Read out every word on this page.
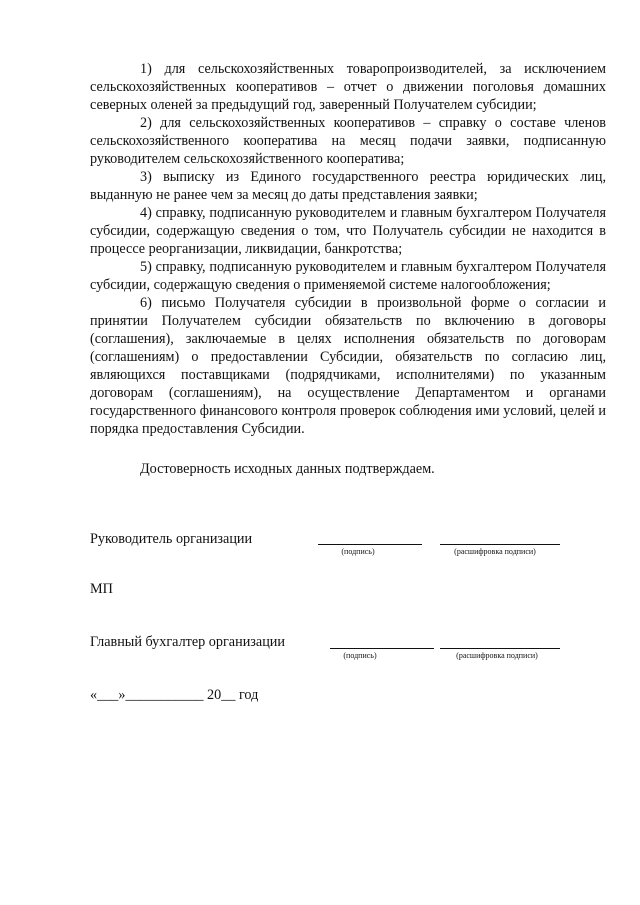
1) для сельскохозяйственных товаропроизводителей, за исключением сельскохозяйственных кооперативов – отчет о движении поголовья домашних северных оленей за предыдущий год, заверенный Получателем субсидии;

2) для сельскохозяйственных кооперативов – справку о составе членов сельскохозяйственного кооператива на месяц подачи заявки, подписанную руководителем сельскохозяйственного кооператива;

3) выписку из Единого государственного реестра юридических лиц, выданную не ранее чем за месяц до даты представления заявки;

4) справку, подписанную руководителем и главным бухгалтером Получателя субсидии, содержащую сведения о том, что Получатель субсидии не находится в процессе реорганизации, ликвидации, банкротства;

5) справку, подписанную руководителем и главным бухгалтером Получателя субсидии, содержащую сведения о применяемой системе налогообложения;

6) письмо Получателя субсидии в произвольной форме о согласии и принятии Получателем субсидии обязательств по включению в договоры (соглашения), заключаемые в целях исполнения обязательств по договорам (соглашениям) о предоставлении Субсидии, обязательств по согласию лиц, являющихся поставщиками (подрядчиками, исполнителями) по указанным договорам (соглашениям), на осуществление Департаментом и органами государственного финансового контроля проверок соблюдения ими условий, целей и порядка предоставления Субсидии.

Достоверность исходных данных подтверждаем.
Руководитель организации
(подпись)	(расшифровка подписи)
МП
Главный бухгалтер организации
(подпись)	(расшифровка подписи)
«___»___________ 20__ год
